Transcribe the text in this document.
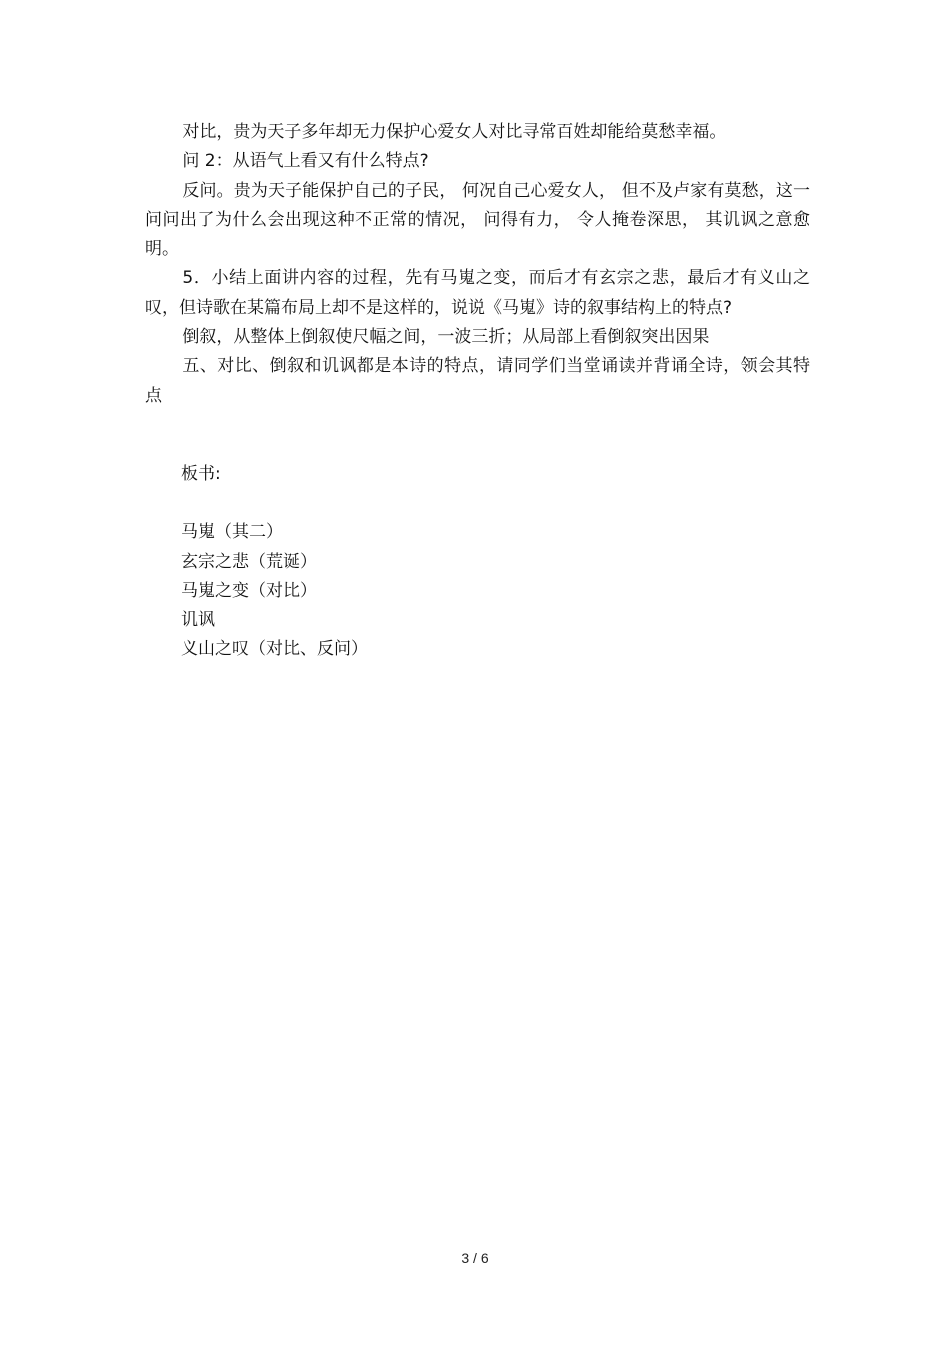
对比，贵为天子多年却无力保护心爱女人对比寻常百姓却能给莫愁幸福。

问 2：从语气上看又有什么特点?

反问。贵为天子能保护自己的子民， 何况自己心爱女人， 但不及卢家有莫愁，这一问问出了为什么会出现这种不正常的情况， 问得有力， 令人掩卷深思， 其讥讽之意愈明。

5．小结上面讲内容的过程，先有马嵬之变，而后才有玄宗之悲，最后才有义山之叹，但诗歌在某篇布局上却不是这样的，说说《马嵬》诗的叙事结构上的特点?

倒叙，从整体上倒叙使尺幅之间，一波三折；从局部上看倒叙突出因果

五、对比、倒叙和讥讽都是本诗的特点，请同学们当堂诵读并背诵全诗，领会其特点

板书:

马嵬（其二）

玄宗之悲（荒诞）

马嵬之变（对比）

讥讽

义山之叹（对比、反问）

3 / 6
